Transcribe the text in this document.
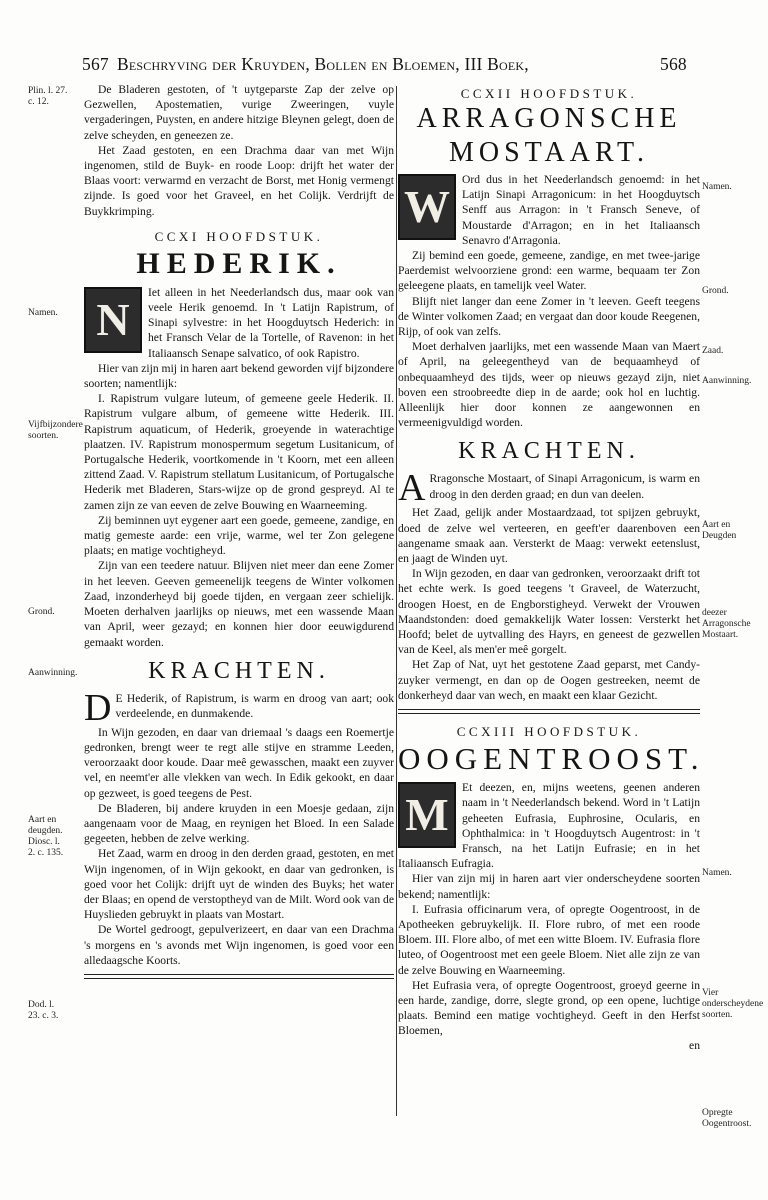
567 Beschryving der Kruyden, Bollen en Bloemen, III Boek,	568
Plin. l. 27. c. 12.
Namen.
Vijfbijzondere soorten.
Grond.
Aanwinning.
Aart en deugden. Diosc. l. 2. c. 135.
Dod. l. 23. c. 3.
Namen.
Grond.
Zaad.
Aanwinning.
Aart en Deugden
deezer Arragonsche Mostaart.
Namen.
Vier onderscheydene soorten.
Opregte Oogentroost.

De Bladeren gestoten, of 't uytgeparste Zap der zelve op Gezwellen, Apostematien, vurige Zweeringen, vuyle vergaderingen, Puysten, en andere hitzige Bleynen gelegt, doen de zelve scheyden, en geneezen ze.

Het Zaad gestoten, en een Drachma daar van met Wijn ingenomen, stild de Buyk- en roode Loop: drijft het water der Blaas voort: verwarmd en verzacht de Borst, met Honig vermengt zijnde. Is goed voor het Graveel, en het Colijk. Verdrijft de Buykkrimping.

CCXI HOOFDSTUK.
HEDERIK.
N

Iet alleen in het Neederlandsch dus, maar ook van veele Herik genoemd. In 't Latijn Rapistrum, of Sinapi sylvestre: in het Hoogduytsch Hederich: in het Fransch Velar de la Tortelle, of Ravenon: in het Italiaansch Senape salvatico, of ook Rapistro.

Hier van zijn mij in haren aart bekend geworden vijf bijzondere soorten; namentlijk:

I. Rapistrum vulgare luteum, of gemeene geele Hederik. II. Rapistrum vulgare album, of gemeene witte Hederik. III. Rapistrum aquaticum, of Hederik, groeyende in waterachtige plaatzen. IV. Rapistrum monospermum segetum Lusitanicum, of Portugalsche Hederik, voortkomende in 't Koorn, met een alleen zittend Zaad. V. Rapistrum stellatum Lusitanicum, of Portugalsche Hederik met Bladeren, Stars-wijze op de grond gespreyd. Al te zamen zijn ze van eeven de zelve Bouwing en Waarneeming.

Zij beminnen uyt eygener aart een goede, gemeene, zandige, en matig gemeste aarde: een vrije, warme, wel ter Zon gelegene plaats; en matige vochtigheyd.

Zijn van een teedere natuur. Blijven niet meer dan eene Zomer in het leeven. Geeven gemeenelijk teegens de Winter volkomen Zaad, inzonderheyd bij goede tijden, en vergaan zeer schielijk. Moeten derhalven jaarlijks op nieuws, met een wassende Maan van April, weer gezayd; en konnen hier door eeuwigdurend gemaakt worden.

KRACHTEN.
D E Hederik, of Rapistrum, is warm en droog van aart; ook verdeelende, en dunmakende.

In Wijn gezoden, en daar van driemaal 's daags een Roemertje gedronken, brengt weer te regt alle stijve en stramme Leeden, veroorzaakt door koude. Daar meê gewasschen, maakt een zuyver vel, en neemt'er alle vlekken van wech. In Edik gekookt, en daar op gezweet, is goed teegens de Pest.

De Bladeren, bij andere kruyden in een Moesje gedaan, zijn aangenaam voor de Maag, en reynigen het Bloed. In een Salade gegeeten, hebben de zelve werking.

Het Zaad, warm en droog in den derden graad, gestoten, en met Wijn ingenomen, of in Wijn gekookt, en daar van gedronken, is goed voor het Colijk: drijft uyt de winden des Buyks; het water der Blaas; en opend de verstoptheyd van de Milt. Word ook van de Huyslieden gebruykt in plaats van Mostart.

De Wortel gedroogt, gepulverizeert, en daar van een Drachma 's morgens en 's avonds met Wijn ingenomen, is goed voor een alledaagsche Koorts.

CCXII HOOFDSTUK.
ARRAGONSCHE
MOSTAART.
W

Ord dus in het Neederlandsch genoemd: in het Latijn Sinapi Arragonicum: in het Hoogduytsch Senff aus Arragon: in 't Fransch Seneve, of Moustarde d'Arragon; en in het Italiaansch Senavro d'Arragonia.

Zij bemind een goede, gemeene, zandige, en met twee-jarige Paerdemist welvoorziene grond: een warme, bequaam ter Zon geleegene plaats, en tamelijk veel Water.

Blijft niet langer dan eene Zomer in 't leeven. Geeft teegens de Winter volkomen Zaad; en vergaat dan door koude Reegenen, Rijp, of ook van zelfs.

Moet derhalven jaarlijks, met een wassende Maan van Maert of April, na geleegentheyd van de bequaamheyd of onbequaamheyd des tijds, weer op nieuws gezayd zijn, niet boven een stroobreedte diep in de aarde; ook hol en luchtig. Alleenlijk hier door konnen ze aangewonnen en vermeenigvuldigd worden.

KRACHTEN.
A Rragonsche Mostaart, of Sinapi Arragonicum, is warm en droog in den derden graad; en dun van deelen.

Het Zaad, gelijk ander Mostaardzaad, tot spijzen gebruykt, doed de zelve wel verteeren, en geeft'er daarenboven een aangename smaak aan. Versterkt de Maag: verwekt eetenslust, en jaagt de Winden uyt.

In Wijn gezoden, en daar van gedronken, veroorzaakt drift tot het echte werk. Is goed teegens 't Graveel, de Waterzucht, droogen Hoest, en de Engborstigheyd. Verwekt der Vrouwen Maandstonden: doed gemakkelijk Water lossen: Versterkt het Hoofd; belet de uytvalling des Hayrs, en geneest de gezwellen van de Keel, als men'er meê gorgelt.

Het Zap of Nat, uyt het gestotene Zaad geparst, met Candy-zuyker vermengt, en dan op de Oogen gestreeken, neemt de donkerheyd daar van wech, en maakt een klaar Gezicht.

CCXIII HOOFDSTUK.
OOGENTROOST.
M

Et deezen, en, mijns weetens, geenen anderen naam in 't Neederlandsch bekend. Word in 't Latijn geheeten Eufrasia, Euphrosine, Ocularis, en Ophthalmica: in 't Hoogduytsch Augentrost: in 't Fransch, na het Latijn Eufrasie; en in het Italiaansch Eufragia.

Hier van zijn mij in haren aart vier onderscheydene soorten bekend; namentlijk:

I. Eufrasia officinarum vera, of opregte Oogentroost, in de Apotheeken gebruykelijk. II. Flore rubro, of met een roode Bloem. III. Flore albo, of met een witte Bloem. IV. Eufrasia flore luteo, of Oogentroost met een geele Bloem. Niet alle zijn ze van de zelve Bouwing en Waarneeming.

Het Eufrasia vera, of opregte Oogentroost, groeyd geerne in een harde, zandige, dorre, slegte grond, op een opene, luchtige plaats. Bemind een matige vochtigheyd. Geeft in den Herfst Bloemen,

en
